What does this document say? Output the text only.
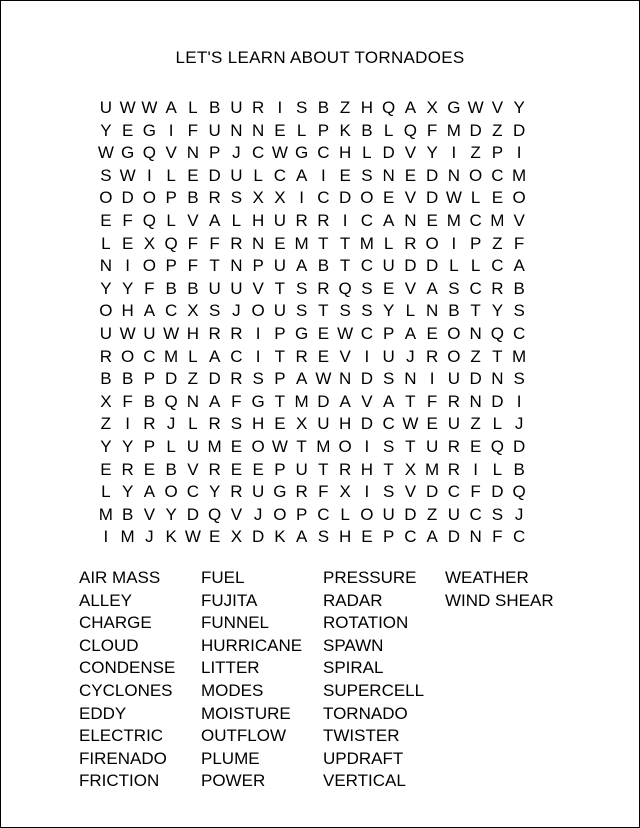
LET'S LEARN ABOUT TORNADOES
U W W A L B U R I S B Z H Q A X G W V Y
Y E G I F U N N E L P K B L Q F M D Z D
W G Q V N P J C W G C H L D V Y I Z P I
S W I L E D U L C A I E S N E D N O C M
O D O P B R S X X I C D O E V D W L E O
E F Q L V A L H U R R I C A N E M C M V
L E X Q F F R N E M T T M L R O I P Z F
N I O P F T N P U A B T C U D D L L C A
Y Y F B B U U V T S R Q S E V A S C R B
O H A C X S J O U S T S S Y L N B T Y S
U W U W H R R I P G E W C P A E O N Q C
R O C M L A C I T R E V I U J R O Z T M
B B P D Z D R S P A W N D S N I U D N S
X F B Q N A F G T M D A V A T F R N D I
Z I R J L R S H E X U H D C W E U Z L J
Y Y P L U M E O W T M O I S T U R E Q D
E R E B V R E E P U T R H T X M R I L B
L Y A O C Y R U G R F X I S V D C F D Q
M B V Y D Q V J O P C L O U D Z U C S J
I M J K W E X D K A S H E P C A D N F C
AIR MASS
ALLEY
CHARGE
CLOUD
CONDENSE
CYCLONES
EDDY
ELECTRIC
FIRENADO
FRICTION
FUEL
FUJITA
FUNNEL
HURRICANE
LITTER
MODES
MOISTURE
OUTFLOW
PLUME
POWER
PRESSURE
RADAR
ROTATION
SPAWN
SPIRAL
SUPERCELL
TORNADO
TWISTER
UPDRAFT
VERTICAL
WEATHER
WIND SHEAR
